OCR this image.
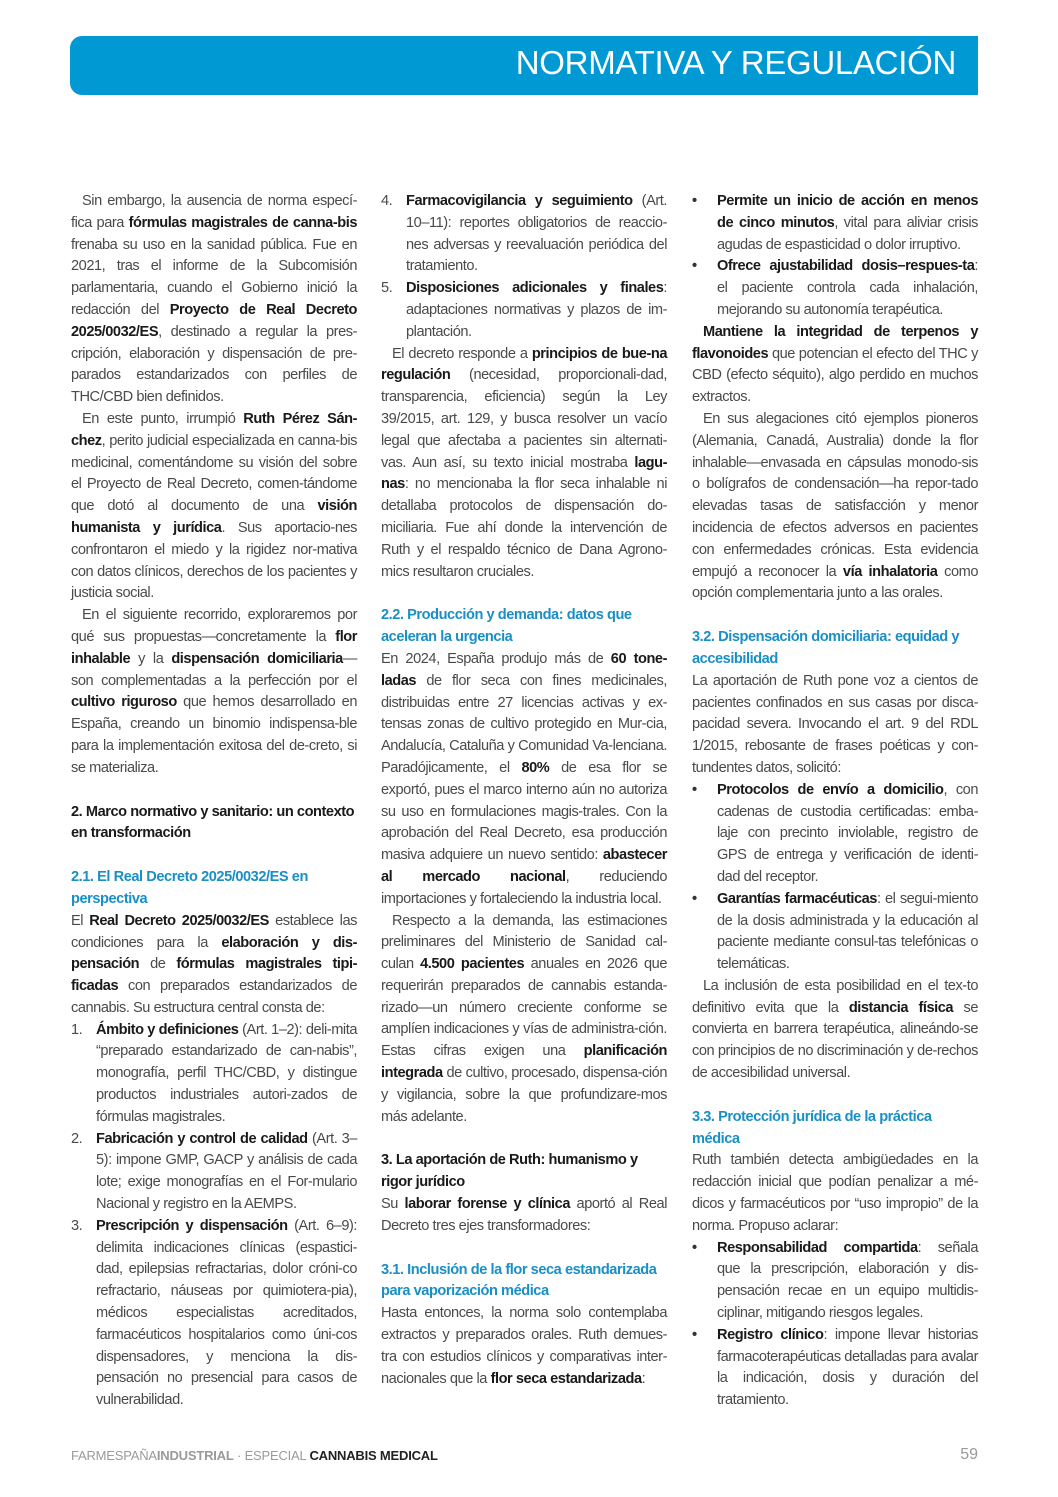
NORMATIVA Y REGULACIÓN

Sin embargo, la ausencia de norma especí-fica para fórmulas magistrales de canna-bis frenaba su uso en la sanidad pública. Fue en 2021, tras el informe de la Subcomisión parlamentaria, cuando el Gobierno inició la redacción del Proyecto de Real Decreto 2025/0032/ES, destinado a regular la pres-cripción, elaboración y dispensación de pre-parados estandarizados con perfiles de THC/CBD bien definidos.

En este punto, irrumpió Ruth Pérez Sán-chez, perito judicial especializada en canna-bis medicinal, comentándome su visión del sobre el Proyecto de Real Decreto, comen-tándome que dotó al documento de una visión humanista y jurídica. Sus aportacio-nes confrontaron el miedo y la rigidez nor-mativa con datos clínicos, derechos de los pacientes y justicia social.

En el siguiente recorrido, exploraremos por qué sus propuestas—concretamente la flor inhalable y la dispensación domiciliaria—son complementadas a la perfección por el cultivo riguroso que hemos desarrollado en España, creando un binomio indispensa-ble para la implementación exitosa del de-creto, si se materializa.

2. Marco normativo y sanitario: un contexto en transformación
2.1. El Real Decreto 2025/0032/ES en perspectiva

El Real Decreto 2025/0032/ES establece las condiciones para la elaboración y dis-pensación de fórmulas magistrales tipi-ficadas con preparados estandarizados de cannabis. Su estructura central consta de:

1. Ámbito y definiciones (Art. 1–2): deli-mita “preparado estandarizado de can-nabis”, monografía, perfil THC/CBD, y distingue productos industriales autori-zados de fórmulas magistrales.
2. Fabricación y control de calidad (Art. 3–5): impone GMP, GACP y análisis de cada lote; exige monografías en el For-mulario Nacional y registro en la AEMPS.
3. Prescripción y dispensación (Art. 6–9): delimita indicaciones clínicas (espastici-dad, epilepsias refractarias, dolor cróni-co refractario, náuseas por quimiotera-pia), médicos especialistas acreditados, farmacéuticos hospitalarios como úni-cos dispensadores, y menciona la dis-pensación no presencial para casos de vulnerabilidad.
4. Farmacovigilancia y seguimiento (Art. 10–11): reportes obligatorios de reaccio-nes adversas y reevaluación periódica del tratamiento.
5. Disposiciones adicionales y finales: adaptaciones normativas y plazos de im-plantación.

El decreto responde a principios de bue-na regulación (necesidad, proporcionali-dad, transparencia, eficiencia) según la Ley 39/2015, art. 129, y busca resolver un vacío legal que afectaba a pacientes sin alternati-vas. Aun así, su texto inicial mostraba lagu-nas: no mencionaba la flor seca inhalable ni detallaba protocolos de dispensación do-miciliaria. Fue ahí donde la intervención de Ruth y el respaldo técnico de Dana Agrono-mics resultaron cruciales.

2.2. Producción y demanda: datos que aceleran la urgencia

En 2024, España produjo más de 60 tone-ladas de flor seca con fines medicinales, distribuidas entre 27 licencias activas y ex-tensas zonas de cultivo protegido en Mur-cia, Andalucía, Cataluña y Comunidad Va-lenciana. Paradójicamente, el 80% de esa flor se exportó, pues el marco interno aún no autoriza su uso en formulaciones magis-trales. Con la aprobación del Real Decreto, esa producción masiva adquiere un nuevo sentido: abastecer al mercado nacional, reduciendo importaciones y fortaleciendo la industria local.

Respecto a la demanda, las estimaciones preliminares del Ministerio de Sanidad cal-culan 4.500 pacientes anuales en 2026 que requerirán preparados de cannabis estanda-rizado—un número creciente conforme se amplíen indicaciones y vías de administra-ción. Estas cifras exigen una planificación integrada de cultivo, procesado, dispensa-ción y vigilancia, sobre la que profundizare-mos más adelante.

3. La aportación de Ruth: humanismo y rigor jurídico

Su laborar forense y clínica aportó al Real Decreto tres ejes transformadores:

3.1. Inclusión de la flor seca estandarizada para vaporización médica

Hasta entonces, la norma solo contemplaba extractos y preparados orales. Ruth demues-tra con estudios clínicos y comparativas inter-nacionales que la flor seca estandarizada:

• Permite un inicio de acción en menos de cinco minutos, vital para aliviar crisis agudas de espasticidad o dolor irruptivo.
• Ofrece ajustabilidad dosis–respues-ta: el paciente controla cada inhalación, mejorando su autonomía terapéutica.

Mantiene la integridad de terpenos y flavonoides que potencian el efecto del THC y CBD (efecto séquito), algo perdido en muchos extractos.

En sus alegaciones citó ejemplos pioneros (Alemania, Canadá, Australia) donde la flor inhalable—envasada en cápsulas monodo-sis o bolígrafos de condensación—ha repor-tado elevadas tasas de satisfacción y menor incidencia de efectos adversos en pacientes con enfermedades crónicas. Esta evidencia empujó a reconocer la vía inhalatoria como opción complementaria junto a las orales.

3.2. Dispensación domiciliaria: equidad y accesibilidad

La aportación de Ruth pone voz a cientos de pacientes confinados en sus casas por disca-pacidad severa. Invocando el art. 9 del RDL 1/2015, rebosante de frases poéticas y con-tundentes datos, solicitó:

• Protocolos de envío a domicilio, con cadenas de custodia certificadas: emba-laje con precinto inviolable, registro de GPS de entrega y verificación de identi-dad del receptor.
• Garantías farmacéuticas: el segui-miento de la dosis administrada y la educación al paciente mediante consul-tas telefónicas o telemáticas.

La inclusión de esta posibilidad en el tex-to definitivo evita que la distancia física se convierta en barrera terapéutica, alineándo-se con principios de no discriminación y de-rechos de accesibilidad universal.

3.3. Protección jurídica de la práctica médica

Ruth también detecta ambigüedades en la redacción inicial que podían penalizar a mé-dicos y farmacéuticos por “uso impropio” de la norma. Propuso aclarar:

• Responsabilidad compartida: señala que la prescripción, elaboración y dis-pensación recae en un equipo multidis-ciplinar, mitigando riesgos legales.
• Registro clínico: impone llevar historias farmacoterapéuticas detalladas para avalar la indicación, dosis y duración del tratamiento.
FARMESPAÑAINDUSTRIAL · ESPECIAL CANNABIS MEDICAL	59
